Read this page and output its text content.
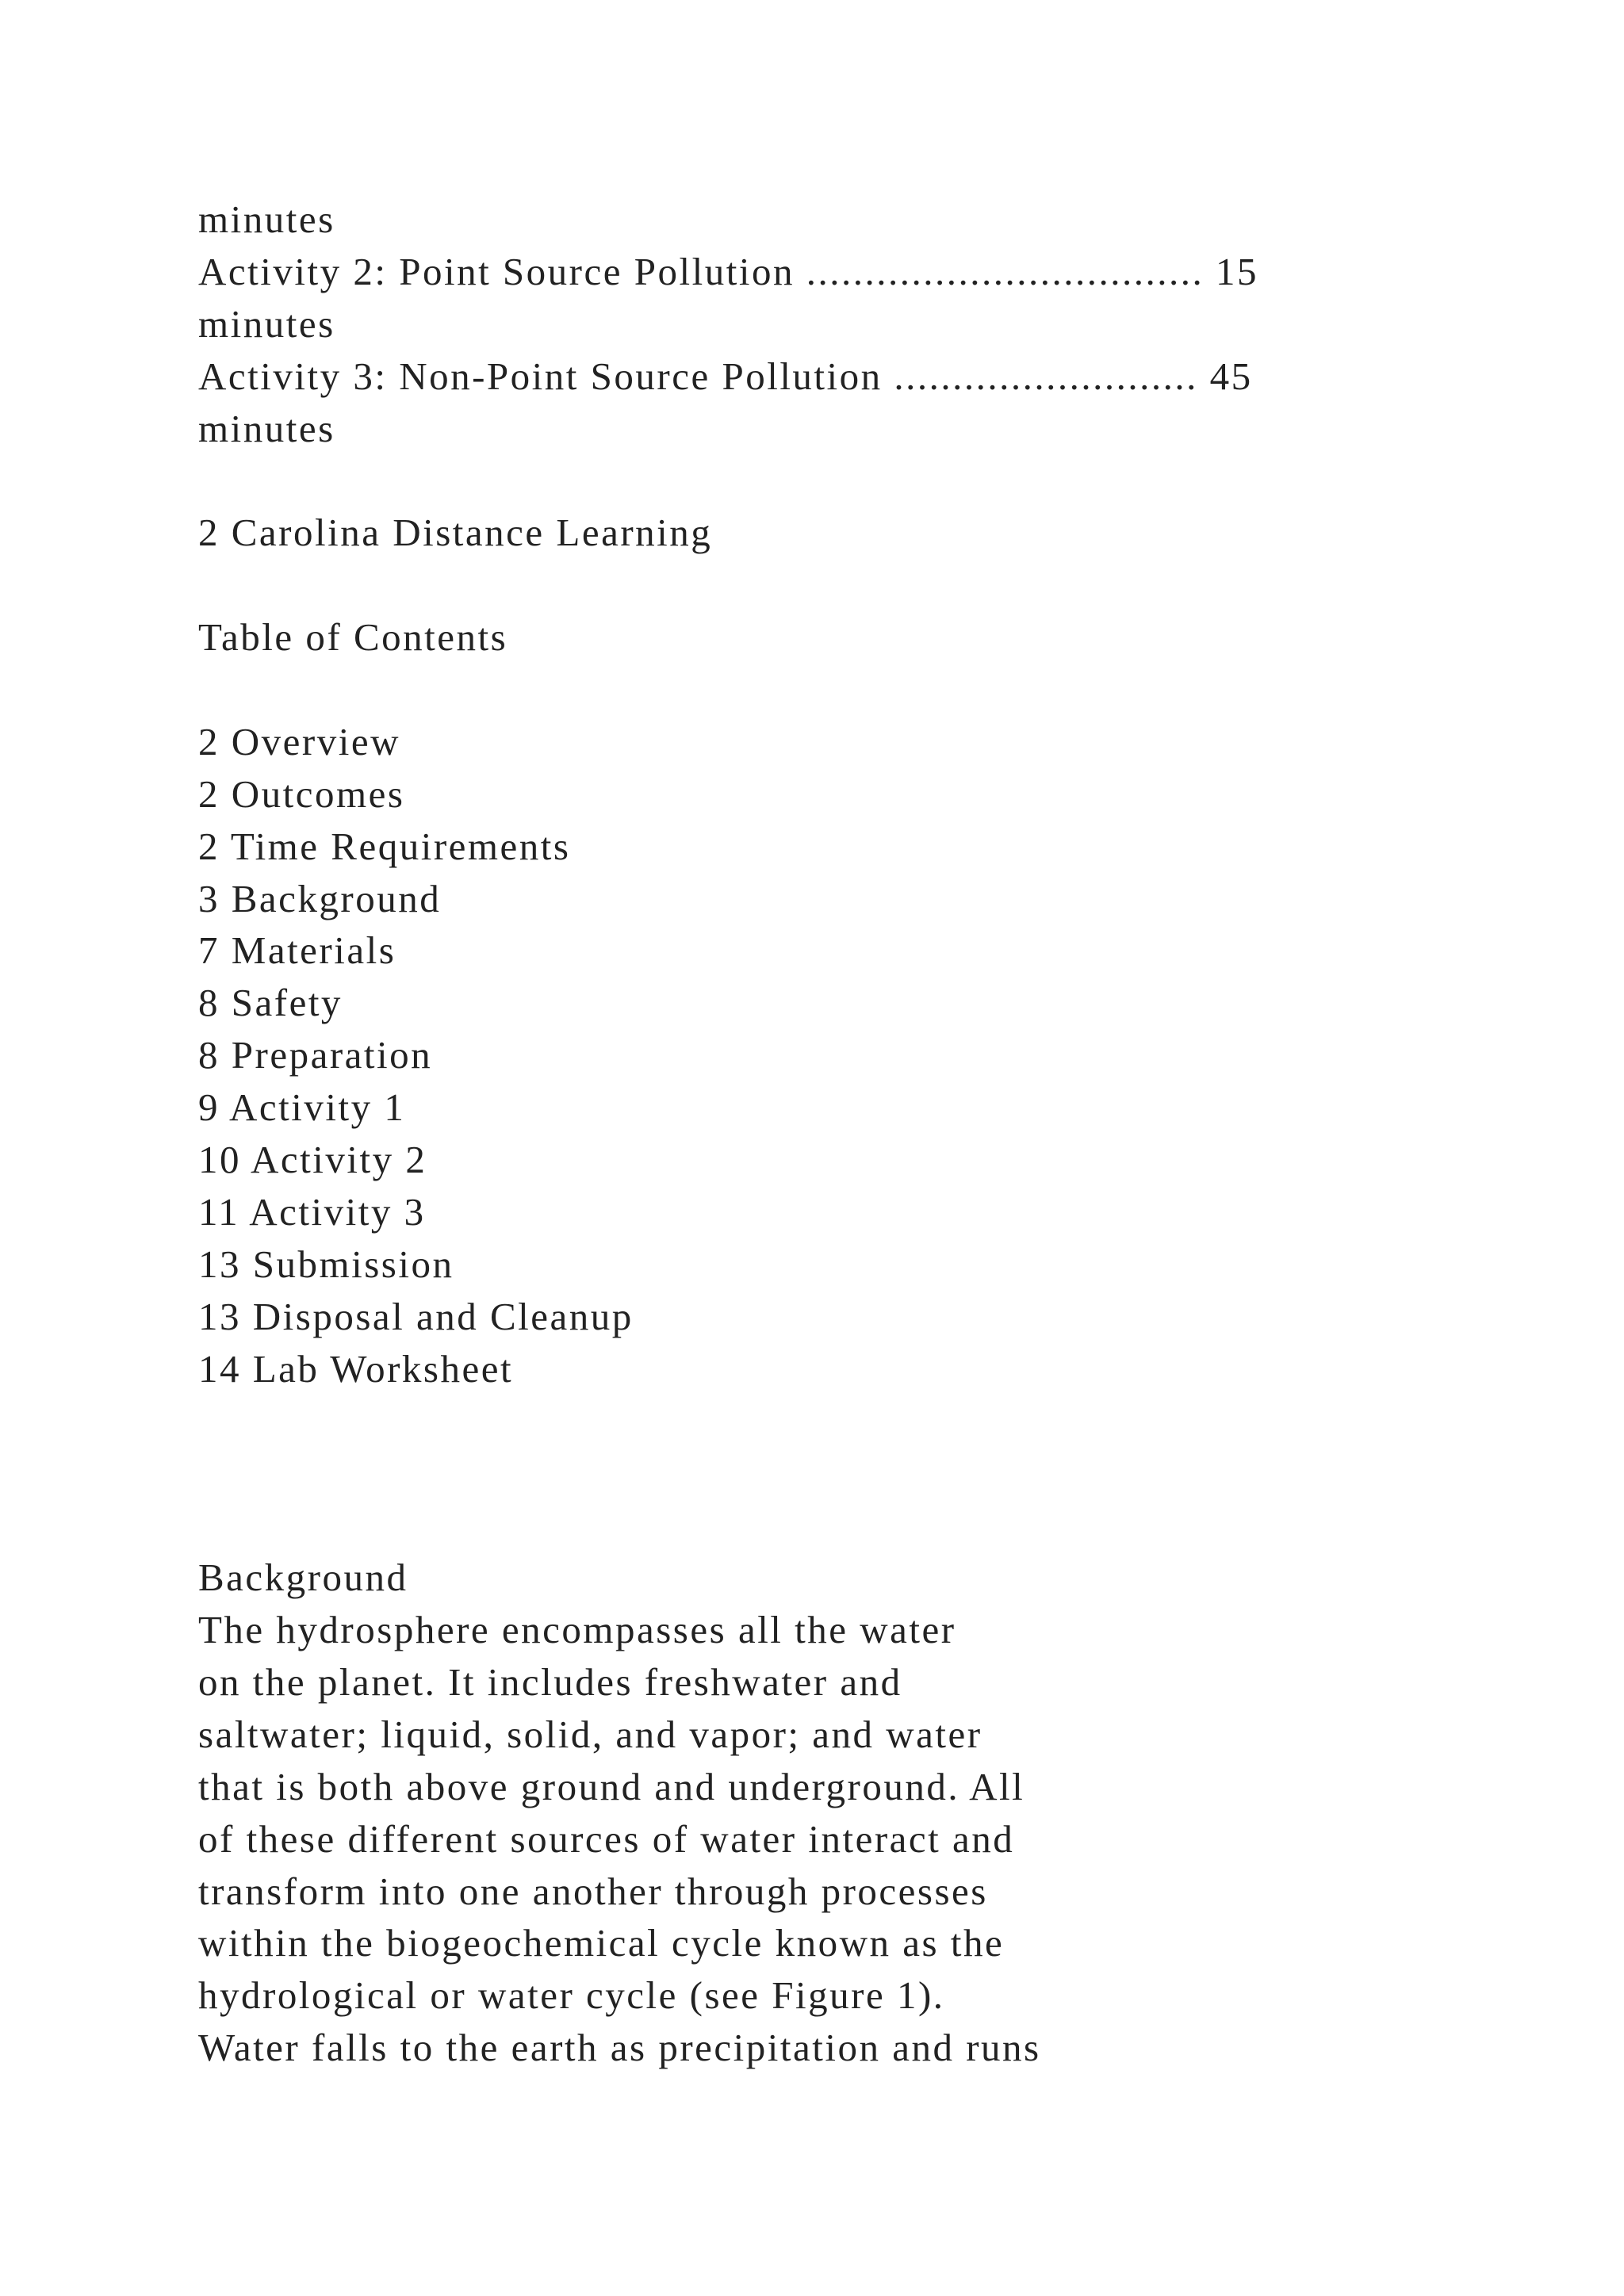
minutes
Activity 2: Point Source Pollution .................................. 15
minutes
Activity 3: Non-Point Source Pollution .......................... 45
minutes
2 Carolina Distance Learning
Table of Contents
2 Overview
2 Outcomes
2 Time Requirements
3 Background
7 Materials
8 Safety
8 Preparation
9 Activity 1
10 Activity 2
11 Activity 3
13 Submission
13 Disposal and Cleanup
14 Lab Worksheet
Background
The hydrosphere encompasses all the water
on the planet. It includes freshwater and
saltwater; liquid, solid, and vapor; and water
that is both above ground and underground. All
of these different sources of water interact and
transform into one another through processes
within the biogeochemical cycle known as the
hydrological or water cycle (see Figure 1).
Water falls to the earth as precipitation and runs
